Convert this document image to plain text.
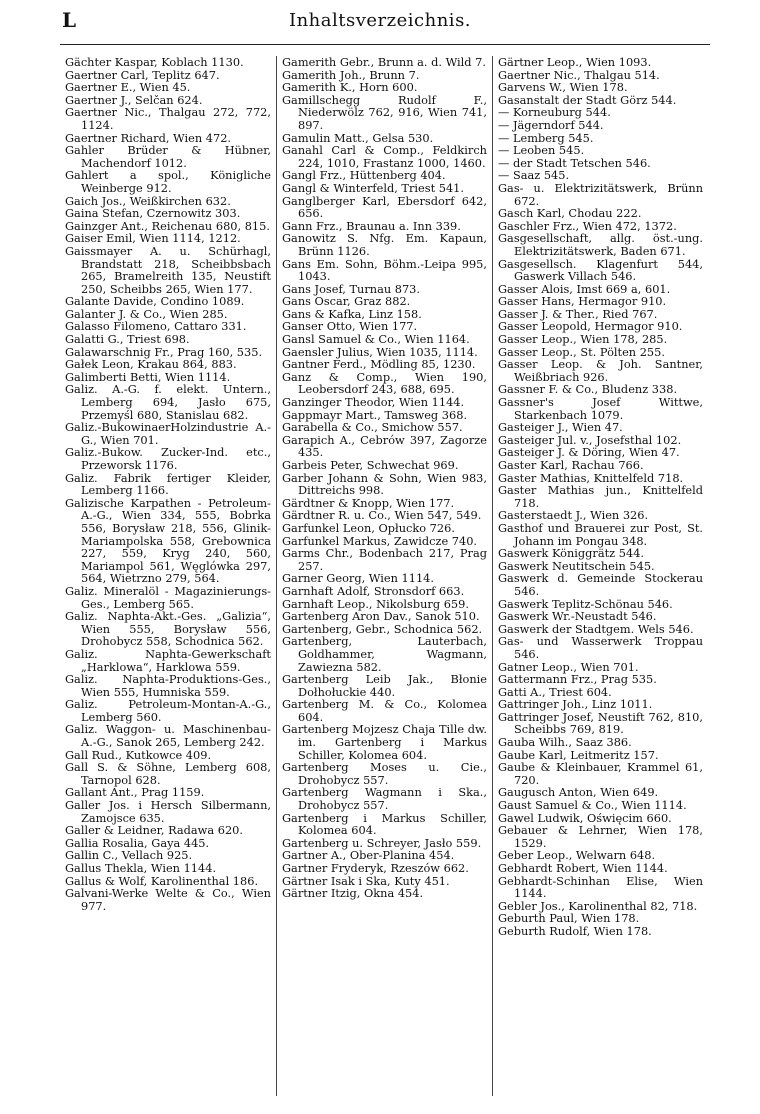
L	Inhaltsverzeichnis.

Gächter Kaspar, Koblach 1130.

Gaertner Carl, Teplitz 647.

Gaertner E., Wien 45.

Gaertner J., Selčan 624.

Gaertner Nic., Thalgau 272, 772, 1124.

Gaertner Richard, Wien 472.

Gahler Brüder & Hübner, Machendorf 1012.

Gahlert a spol., Königliche Weinberge 912.

Gaich Jos., Weißkirchen 632.

Gaina Stefan, Czernowitz 303.

Gainzger Ant., Reichenau 680, 815.

Gaiser Emil, Wien 1114, 1212.

Gaissmayer A. u. Schürhagl, Brandstatt 218, Scheibbsbach 265, Bramelreith 135, Neustift 250, Scheibbs 265, Wien 177.

Galante Davide, Condino 1089.

Galanter J. & Co., Wien 285.

Galasso Filomeno, Cattaro 331.

Galatti G., Triest 698.

Galawarschnig Fr., Prag 160, 535.

Gałek Leon, Krakau 864, 883.

Galimberti Betti, Wien 1114.

Galiz. A.-G. f. elekt. Untern., Lemberg 694, Jasło 675, Przemyśl 680, Stanislau 682.

Galiz.-BukowinaerHolzindustrie A.-G., Wien 701.

Galiz.-Bukow. Zucker-Ind. etc., Przeworsk 1176.

Galiz. Fabrik fertiger Kleider, Lemberg 1166.

Galizische Karpathen - Petroleum-A.-G., Wien 334, 555, Bobrka 556, Borysław 218, 556, Glinik-Mariampolska 558, Grebownica 227, 559, Kryg 240, 560, Mariampol 561, Węglówka 297, 564, Wietrzno 279, 564.

Galiz. Mineralöl - Magazinierungs-Ges., Lemberg 565.

Galiz. Naphta-Akt.-Ges. „Galizia“, Wien 555, Borysław 556, Drohobycz 558, Schodnica 562.

Galiz. Naphta-Gewerkschaft „Harklowa“, Harklowa 559.

Galiz. Naphta-Produktions-Ges., Wien 555, Humniska 559.

Galiz. Petroleum-Montan-A.-G., Lemberg 560.

Galiz. Waggon- u. Maschinenbau-A.-G., Sanok 265, Lemberg 242.

Gall Rud., Kutkowce 409.

Gall S. & Söhne, Lemberg 608, Tarnopol 628.

Gallant Ant., Prag 1159.

Galler Jos. i Hersch Silbermann, Zamojsce 635.

Galler & Leidner, Radawa 620.

Gallia Rosalia, Gaya 445.

Gallin C., Vellach 925.

Gallus Thekla, Wien 1144.

Gallus & Wolf, Karolinenthal 186.

Galvani-Werke Welte & Co., Wien 977.

Gamerith Gebr., Brunn a. d. Wild 7.

Gamerith Joh., Brunn 7.

Gamerith K., Horn 600.

Gamillschegg Rudolf F., Niederwölz 762, 916, Wien 741, 897.

Gamulin Matt., Gelsa 530.

Ganahl Carl & Comp., Feldkirch 224, 1010, Frastanz 1000, 1460.

Gangl Frz., Hüttenberg 404.

Gangl & Winterfeld, Triest 541.

Ganglberger Karl, Ebersdorf 642, 656.

Gann Frz., Braunau a. Inn 339.

Ganowitz S. Nfg. Em. Kapaun, Brünn 1126.

Gans Em. Sohn, Böhm.-Leipa 995, 1043.

Gans Josef, Turnau 873.

Gans Oscar, Graz 882.

Gans & Kafka, Linz 158.

Ganser Otto, Wien 177.

Gansl Samuel & Co., Wien 1164.

Gaensler Julius, Wien 1035, 1114.

Gantner Ferd., Mödling 85, 1230.

Ganz & Comp., Wien 190, Leobersdorf 243, 688, 695.

Ganzinger Theodor, Wien 1144.

Gappmayr Mart., Tamsweg 368.

Garabella & Co., Smichow 557.

Garapich A., Cebrów 397, Zagorze 435.

Garbeis Peter, Schwechat 969.

Garber Johann & Sohn, Wien 983, Dittreichs 998.

Gärdtner & Knopp, Wien 177.

Gärdtner R. u. Co., Wien 547, 549.

Garfunkel Leon, Opłucko 726.

Garfunkel Markus, Zawidcze 740.

Garms Chr., Bodenbach 217, Prag 257.

Garner Georg, Wien 1114.

Garnhaft Adolf, Stronsdorf 663.

Garnhaft Leop., Nikolsburg 659.

Gartenberg Aron Dav., Sanok 510.

Gartenberg, Gebr., Schodnica 562.

Gartenberg, Lauterbach, Goldhammer, Wagmann, Zawiezna 582.

Gartenberg Leib Jak., Błonie Dołhołuckie 440.

Gartenberg M. & Co., Kolomea 604.

Gartenberg Mojzesz Chaja Tille dw. im. Gartenberg i Markus Schiller, Kolomea 604.

Gartenberg Moses u. Cie., Drohobycz 557.

Gartenberg Wagmann i Ska., Drohobycz 557.

Gartenberg i Markus Schiller, Kolomea 604.

Gartenberg u. Schreyer, Jasło 559.

Gartner A., Ober-Planina 454.

Gartner Fryderyk, Rzeszów 662.

Gärtner Isak i Ska, Kuty 451.

Gärtner Itzig, Okna 454.

Gärtner Leop., Wien 1093.

Gaertner Nic., Thalgau 514.

Garvens W., Wien 178.

Gasanstalt der Stadt Görz 544.

— Korneuburg 544.

— Jägerndorf 544.

— Lemberg 545.

— Leoben 545.

— der Stadt Tetschen 546.

— Saaz 545.

Gas- u. Elektrizitätswerk, Brünn 672.

Gasch Karl, Chodau 222.

Gaschler Frz., Wien 472, 1372.

Gasgesellschaft, allg. öst.-ung. Elektrizitätswerk, Baden 671.

Gasgesellsch. Klagenfurt 544, Gaswerk Villach 546.

Gasser Alois, Imst 669 a, 601.

Gasser Hans, Hermagor 910.

Gasser J. & Ther., Ried 767.

Gasser Leopold, Hermagor 910.

Gasser Leop., Wien 178, 285.

Gasser Leop., St. Pölten 255.

Gasser Leop. & Joh. Santner, Weißbriach 926.

Gassner F. & Co., Bludenz 338.

Gassner's Josef Wittwe, Starkenbach 1079.

Gasteiger J., Wien 47.

Gasteiger Jul. v., Josefsthal 102.

Gasteiger J. & Döring, Wien 47.

Gaster Karl, Rachau 766.

Gaster Mathias, Knittelfeld 718.

Gaster Mathias jun., Knittelfeld 718.

Gasterstaedt J., Wien 326.

Gasthof und Brauerei zur Post, St. Johann im Pongau 348.

Gaswerk Königgrätz 544.

Gaswerk Neutitschein 545.

Gaswerk d. Gemeinde Stockerau 546.

Gaswerk Teplitz-Schönau 546.

Gaswerk Wr.-Neustadt 546.

Gaswerk der Stadtgem. Wels 546.

Gas- und Wasserwerk Troppau 546.

Gatner Leop., Wien 701.

Gattermann Frz., Prag 535.

Gatti A., Triest 604.

Gattringer Joh., Linz 1011.

Gattringer Josef, Neustift 762, 810, Scheibbs 769, 819.

Gauba Wilh., Saaz 386.

Gaube Karl, Leitmeritz 157.

Gaube & Kleinbauer, Krammel 61, 720.

Gaugusch Anton, Wien 649.

Gaust Samuel & Co., Wien 1114.

Gawel Ludwik, Oświęcim 660.

Gebauer & Lehrner, Wien 178, 1529.

Geber Leop., Welwarn 648.

Gebhardt Robert, Wien 1144.

Gebhardt-Schinhan Elise, Wien 1144.

Gebler Jos., Karolinenthal 82, 718.

Geburth Paul, Wien 178.

Geburth Rudolf, Wien 178.
